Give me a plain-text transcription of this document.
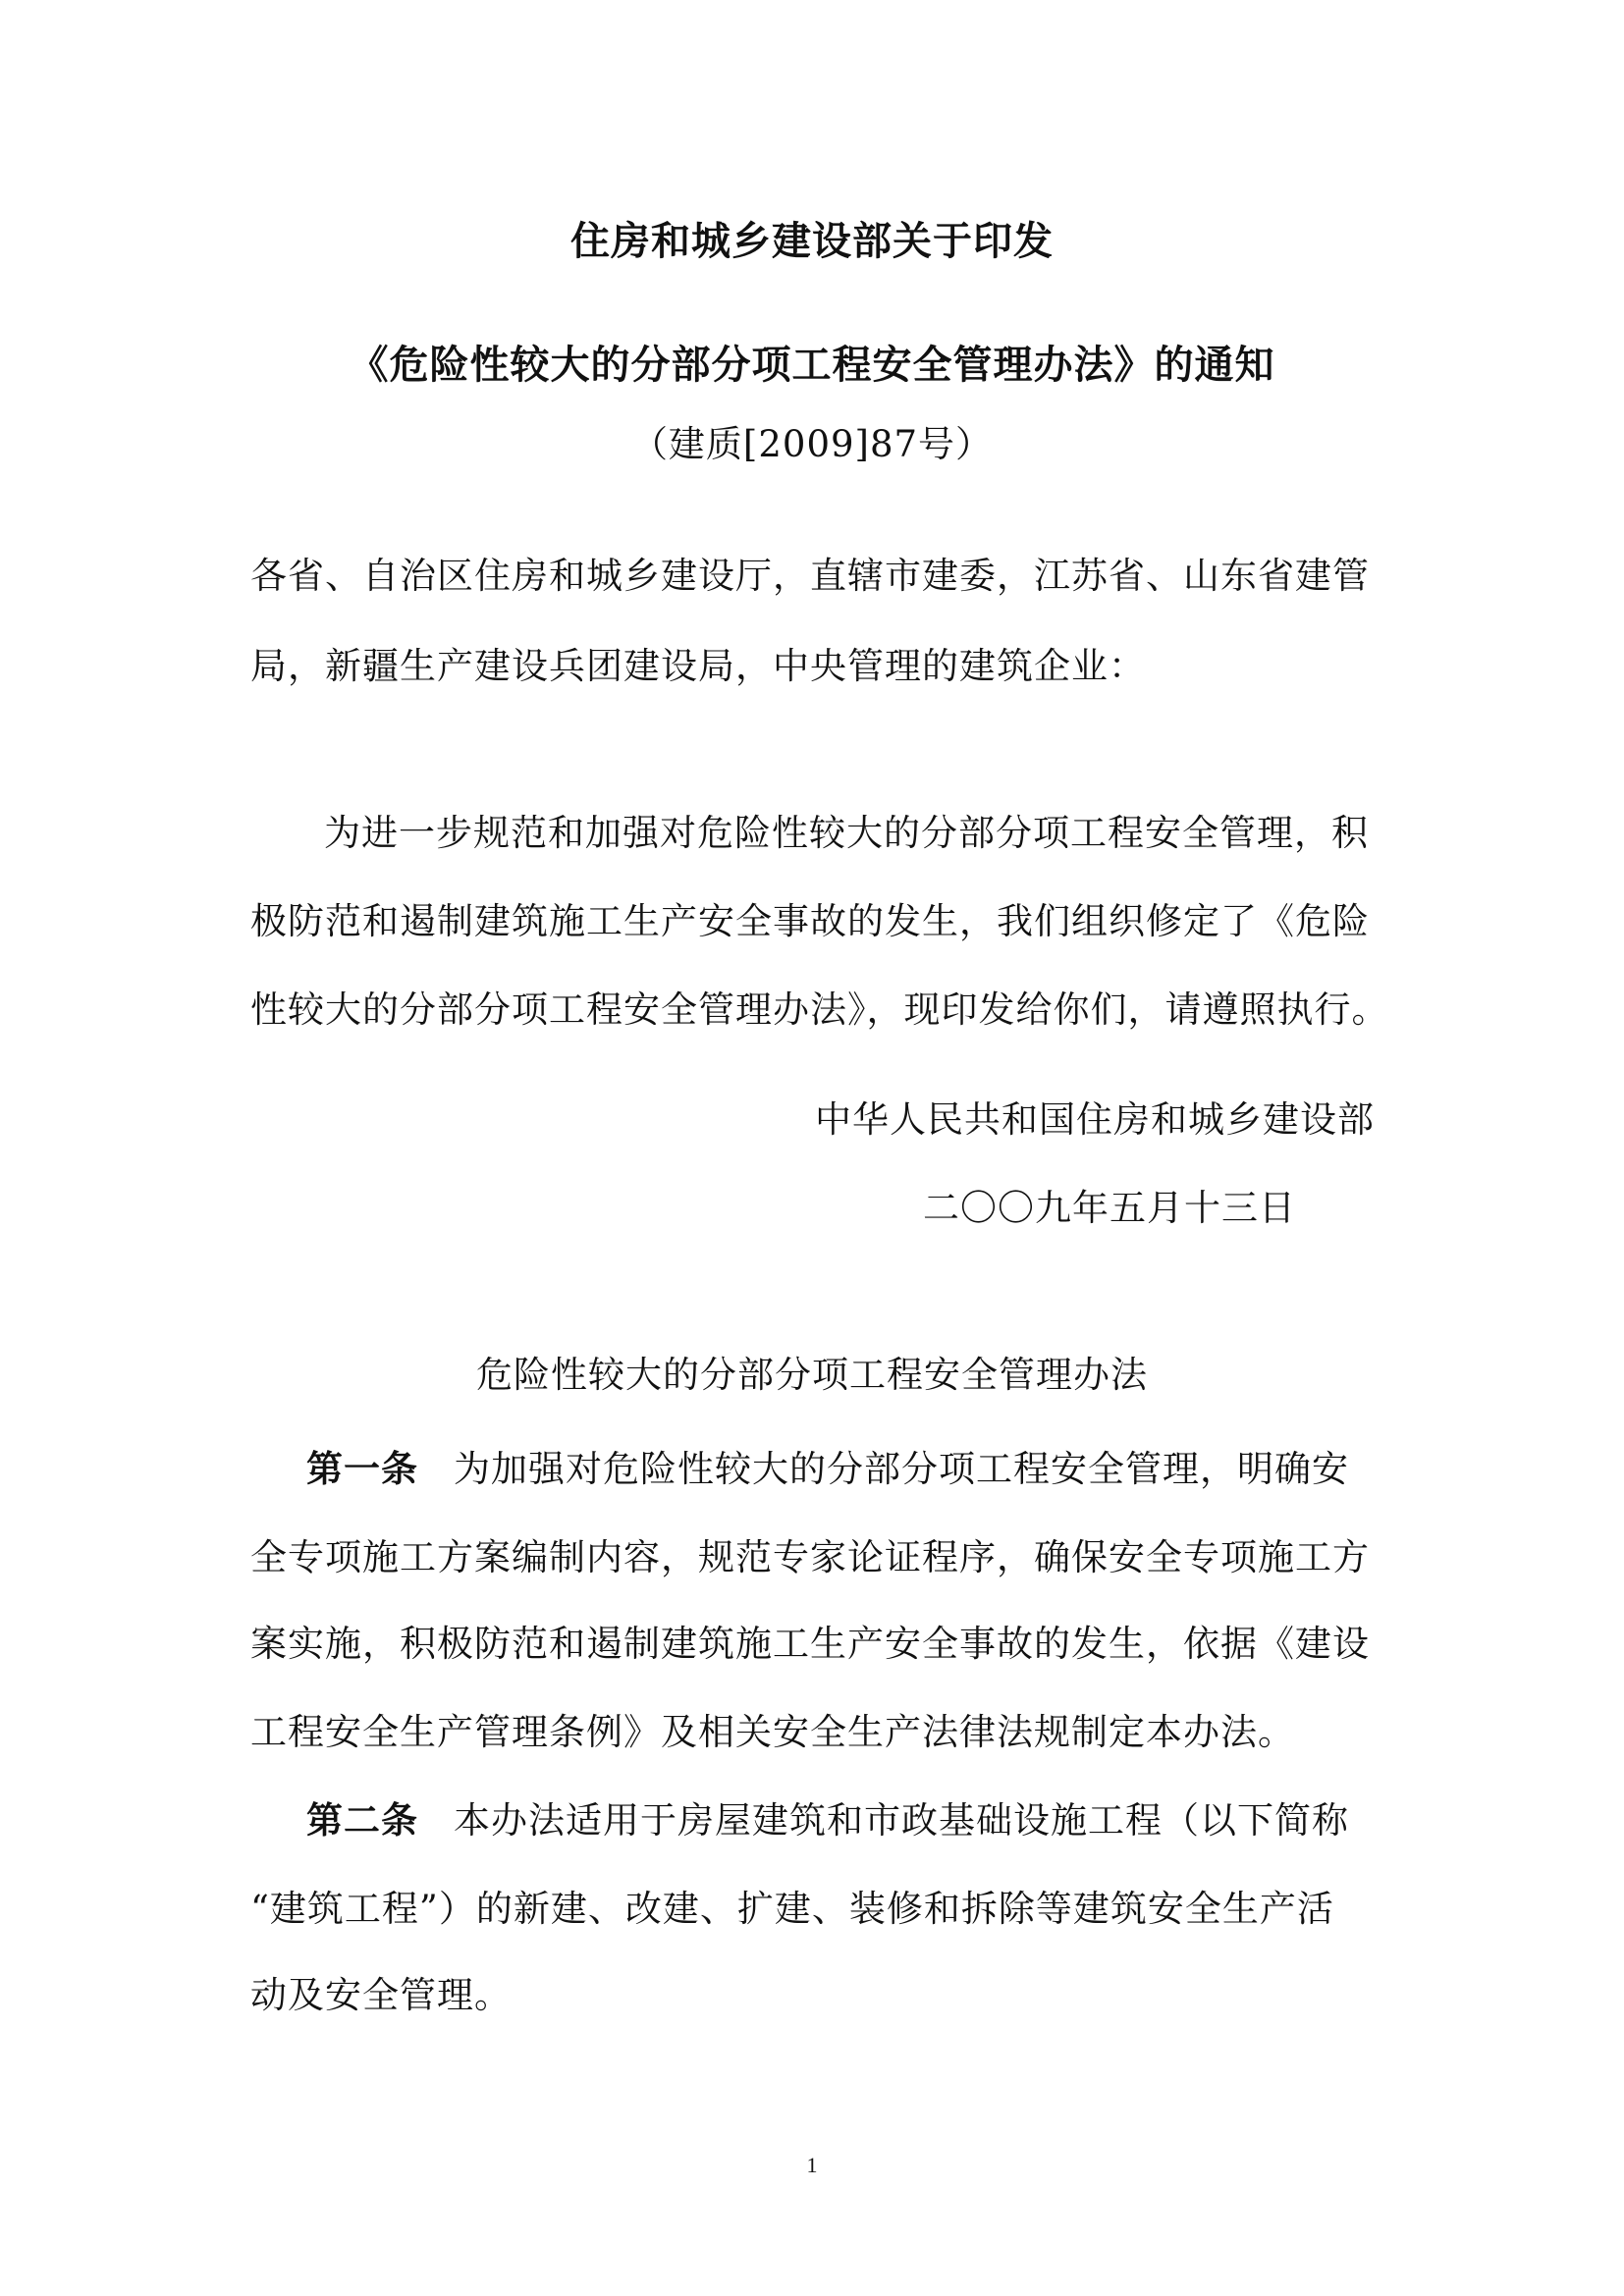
住房和城乡建设部关于印发
《危险性较大的分部分项工程安全管理办法》的通知
（建质[2009]87号）
各省、自治区住房和城乡建设厅，直辖市建委，江苏省、山东省建管
局，新疆生产建设兵团建设局，中央管理的建筑企业：
为进一步规范和加强对危险性较大的分部分项工程安全管理，积
极防范和遏制建筑施工生产安全事故的发生，我们组织修定了《危险
性较大的分部分项工程安全管理办法》，现印发给你们，请遵照执行。
中华人民共和国住房和城乡建设部
二〇〇九年五月十三日
危险性较大的分部分项工程安全管理办法
第一条 为加强对危险性较大的分部分项工程安全管理，明确安
全专项施工方案编制内容，规范专家论证程序，确保安全专项施工方
案实施，积极防范和遏制建筑施工生产安全事故的发生，依据《建设
工程安全生产管理条例》及相关安全生产法律法规制定本办法。
第二条 本办法适用于房屋建筑和市政基础设施工程（以下简称
“建筑工程”）的新建、改建、扩建、装修和拆除等建筑安全生产活
动及安全管理。
1
